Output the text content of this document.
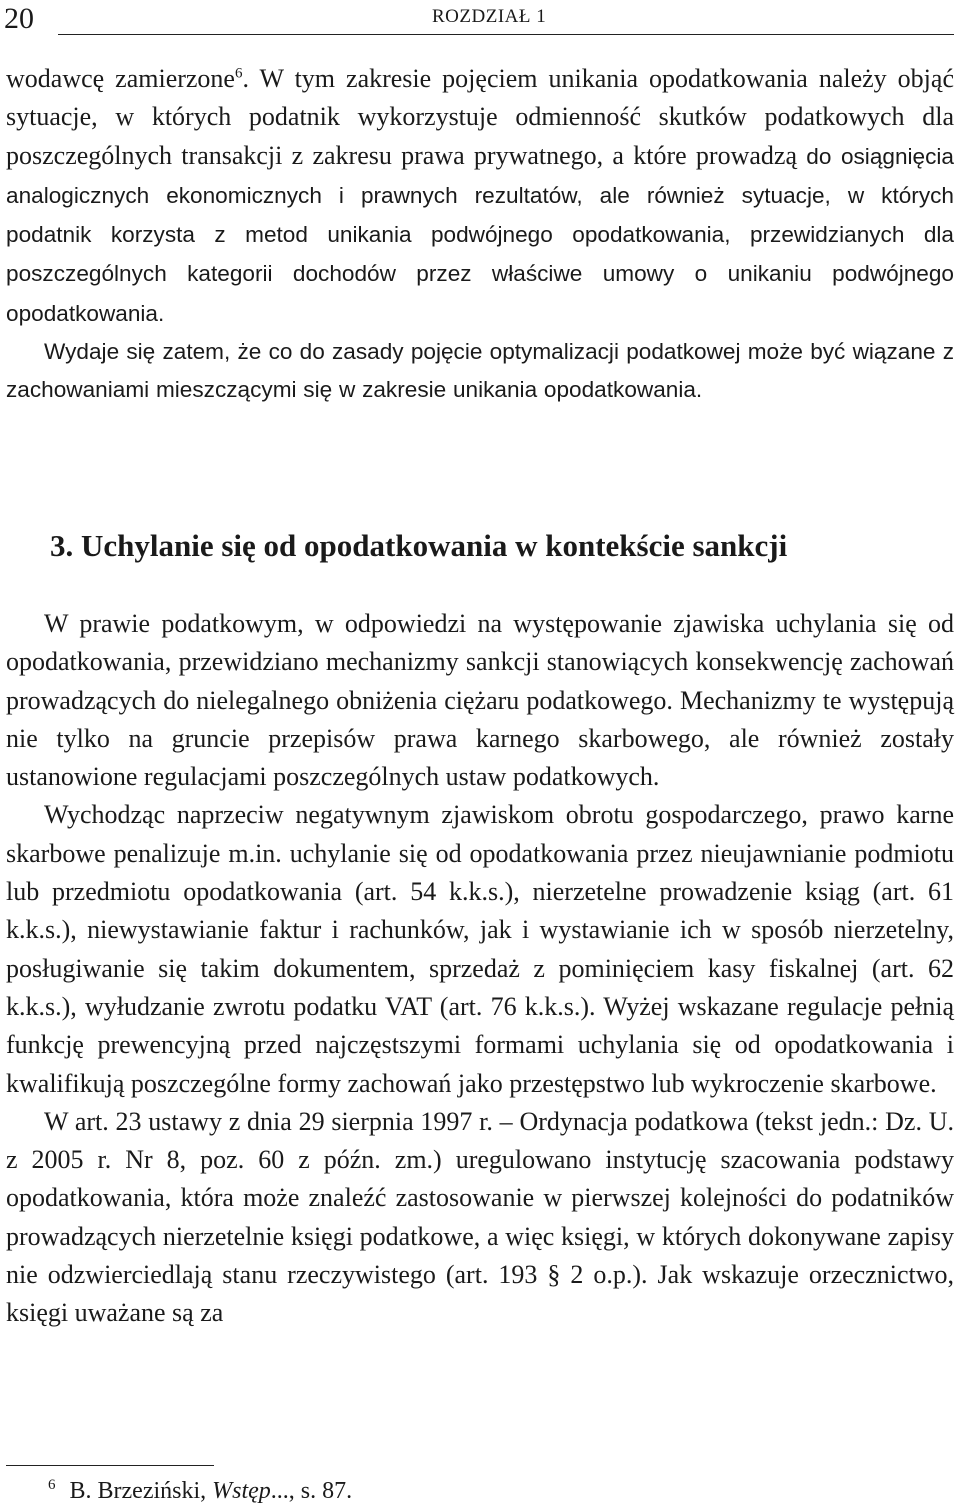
20	ROZDZIAŁ 1

wodawcę zamierzone$^6$. W tym zakresie pojęciem unikania opodatkowania należy objąć sytuacje, w których podatnik wykorzystuje odmienność skutków podatkowych dla poszczególnych transakcji z zakresu prawa prywatnego, a które prowadzą do osiągnięcia analogicznych ekonomicznych i prawnych rezultatów, ale również sytuacje, w których podatnik korzysta z metod unikania podwójnego opodatkowania, przewidzianych dla poszczególnych kategorii dochodów przez właściwe umowy o unikaniu podwójnego opodatkowania.

Wydaje się zatem, że co do zasady pojęcie optymalizacji podatkowej może być wiązane z zachowaniami mieszczącymi się w zakresie unikania opodatkowania.

3. Uchylanie się od opodatkowania w kontekście sankcji

W prawie podatkowym, w odpowiedzi na występowanie zjawiska uchylania się od opodatkowania, przewidziano mechanizmy sankcji stanowiących konsekwencję zachowań prowadzących do nielegalnego obniżenia ciężaru podatkowego. Mechanizmy te występują nie tylko na gruncie przepisów prawa karnego skarbowego, ale również zostały ustanowione regulacjami poszczególnych ustaw podatkowych.

Wychodząc naprzeciw negatywnym zjawiskom obrotu gospodarczego, prawo karne skarbowe penalizuje m.in. uchylanie się od opodatkowania przez nieujawnianie podmiotu lub przedmiotu opodatkowania (art. 54 k.k.s.), nierzetelne prowadzenie ksiąg (art. 61 k.k.s.), niewystawianie faktur i rachunków, jak i wystawianie ich w sposób nierzetelny, posługiwanie się takim dokumentem, sprzedaż z pominięciem kasy fiskalnej (art. 62 k.k.s.), wyłudzanie zwrotu podatku VAT (art. 76 k.k.s.). Wyżej wskazane regulacje pełnią funkcję prewencyjną przed najczęstszymi formami uchylania się od opodatkowania i kwalifikują poszczególne formy zachowań jako przestępstwo lub wykroczenie skarbowe.

W art. 23 ustawy z dnia 29 sierpnia 1997 r. – Ordynacja podatkowa (tekst jedn.: Dz. U. z 2005 r. Nr 8, poz. 60 z późn. zm.) uregulowano instytucję szacowania podstawy opodatkowania, która może znaleźć zastosowanie w pierwszej kolejności do podatników prowadzących nierzetelnie księgi podatkowe, a więc księgi, w których dokonywane zapisy nie odzwierciedlają stanu rzeczywistego (art. 193 § 2 o.p.). Jak wskazuje orzecznictwo, księgi uważane są za

$^6$ B. Brzeziński, Wstęp..., s. 87.
